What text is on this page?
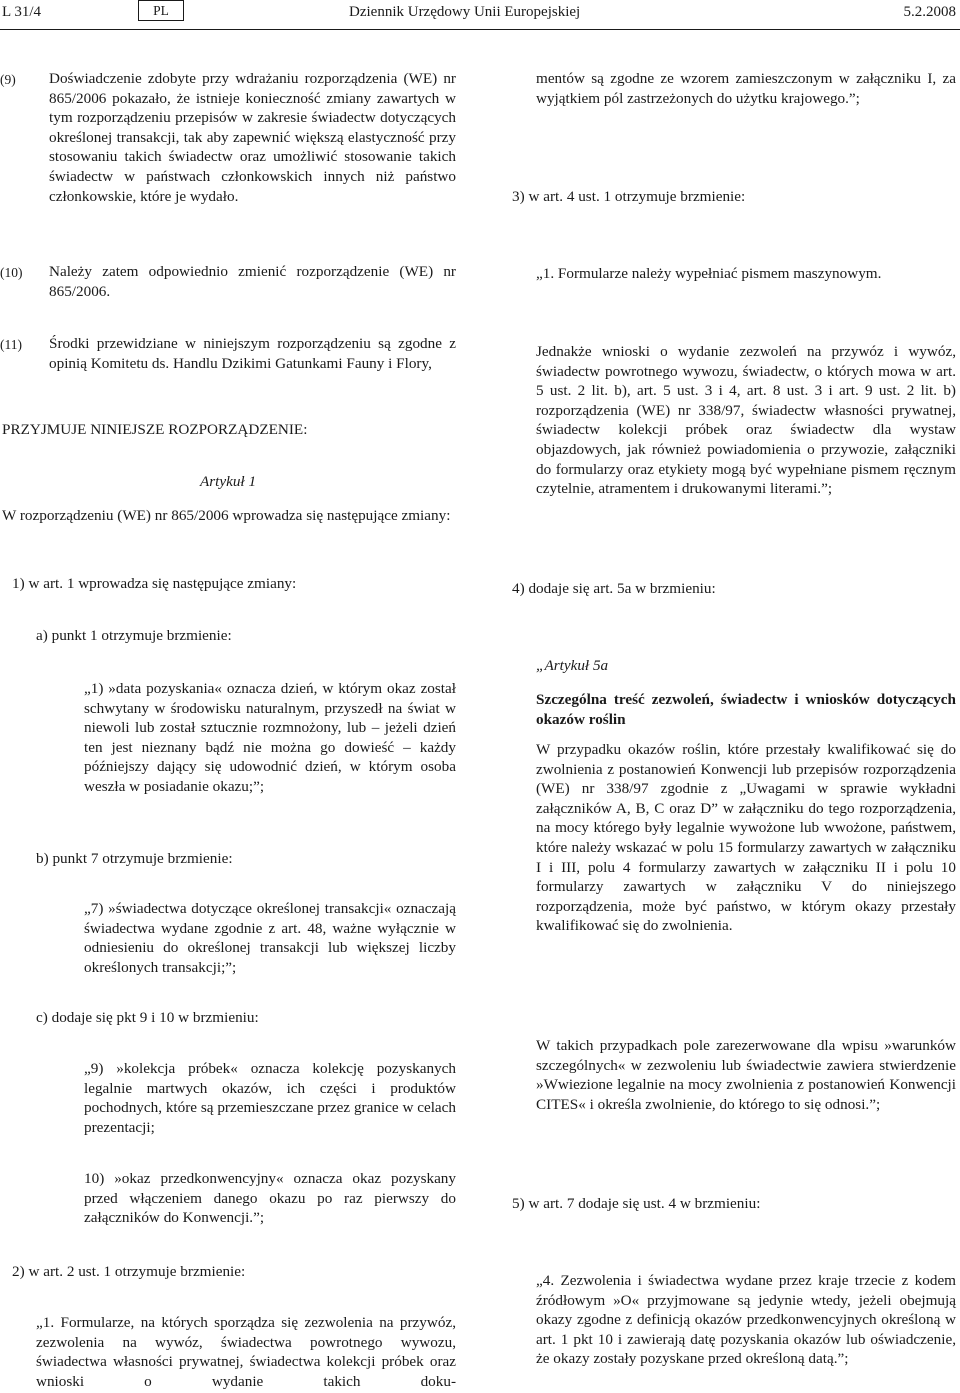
L 31/4	PL	Dziennik Urzędowy Unii Europejskiej	5.2.2008
(9) Doświadczenie zdobyte przy wdrażaniu rozporządzenia (WE) nr 865/2006 pokazało, że istnieje konieczność zmiany zawartych w tym rozporządzeniu przepisów w zakresie świadectw dotyczących określonej transakcji, tak aby zapewnić większą elastyczność przy stosowaniu takich świadectw oraz umożliwić stosowanie takich świadectw w państwach członkowskich innych niż państwo członkowskie, które je wydało.
(10) Należy zatem odpowiednio zmienić rozporządzenie (WE) nr 865/2006.
(11) Środki przewidziane w niniejszym rozporządzeniu są zgodne z opinią Komitetu ds. Handlu Dzikimi Gatunkami Fauny i Flory,
PRZYJMUJE NINIEJSZE ROZPORZĄDZENIE:
Artykuł 1
W rozporządzeniu (WE) nr 865/2006 wprowadza się następujące zmiany:
1) w art. 1 wprowadza się następujące zmiany:
a) punkt 1 otrzymuje brzmienie:
„1) »data pozyskania« oznacza dzień, w którym okaz został schwytany w środowisku naturalnym, przyszedł na świat w niewoli lub został sztucznie rozmnożony, lub – jeżeli dzień ten jest nieznany bądź nie można go dowieść – każdy późniejszy dający się udowodnić dzień, w którym osoba weszła w posiadanie okazu;”;
b) punkt 7 otrzymuje brzmienie:
„7) »świadectwa dotyczące określonej transakcji« oznaczają świadectwa wydane zgodnie z art. 48, ważne wyłącznie w odniesieniu do określonej transakcji lub większej liczby określonych transakcji;”;
c) dodaje się pkt 9 i 10 w brzmieniu:
„9) »kolekcja próbek« oznacza kolekcję pozyskanych legalnie martwych okazów, ich części i produktów pochodnych, które są przemieszczane przez granice w celach prezentacji;
10) »okaz przedkonwencyjny« oznacza okaz pozyskany przed włączeniem danego okazu po raz pierwszy do załączników do Konwencji.”;
2) w art. 2 ust. 1 otrzymuje brzmienie:
„1. Formularze, na których sporządza się zezwolenia na przywóz, zezwolenia na wywóz, świadectwa powrotnego wywozu, świadectwa własności prywatnej, świadectwa kolekcji próbek oraz wnioski o wydanie takich doku-
mentów są zgodne ze wzorem zamieszczonym w załączniku I, za wyjątkiem pól zastrzeżonych do użytku krajowego.”;
3) w art. 4 ust. 1 otrzymuje brzmienie:
„1. Formularze należy wypełniać pismem maszynowym.
Jednakże wnioski o wydanie zezwoleń na przywóz i wywóz, świadectw powrotnego wywozu, świadectw, o których mowa w art. 5 ust. 2 lit. b), art. 5 ust. 3 i 4, art. 8 ust. 3 i art. 9 ust. 2 lit. b) rozporządzenia (WE) nr 338/97, świadectw własności prywatnej, świadectw kolekcji próbek oraz świadectw dla wystaw objazdowych, jak również powiadomienia o przywozie, załączniki do formularzy oraz etykiety mogą być wypełniane pismem ręcznym czytelnie, atramentem i drukowanymi literami.”;
4) dodaje się art. 5a w brzmieniu:
„Artykuł 5a
Szczególna treść zezwoleń, świadectw i wniosków dotyczących okazów roślin
W przypadku okazów roślin, które przestały kwalifikować się do zwolnienia z postanowień Konwencji lub przepisów rozporządzenia (WE) nr 338/97 zgodnie z „Uwagami w sprawie wykładni załączników A, B, C oraz D” w załączniku do tego rozporządzenia, na mocy którego były legalnie wywożone lub wwożone, państwem, które należy wskazać w polu 15 formularzy zawartych w załączniku I i III, polu 4 formularzy zawartych w załączniku II i polu 10 formularzy zawartych w załączniku V do niniejszego rozporządzenia, może być państwo, w którym okazy przestały kwalifikować się do zwolnienia.
W takich przypadkach pole zarezerwowane dla wpisu »warunków szczególnych« w zezwoleniu lub świadectwie zawiera stwierdzenie »Wwiezione legalnie na mocy zwolnienia z postanowień Konwencji CITES« i określa zwolnienie, do którego to się odnosi.”;
5) w art. 7 dodaje się ust. 4 w brzmieniu:
„4. Zezwolenia i świadectwa wydane przez kraje trzecie z kodem źródłowym »O« przyjmowane są jedynie wtedy, jeżeli obejmują okazy zgodne z definicją okazów przedkonwencyjnych określoną w art. 1 pkt 10 i zawierają datę pozyskania okazów lub oświadczenie, że okazy zostały pozyskane przed określoną datą.”;
